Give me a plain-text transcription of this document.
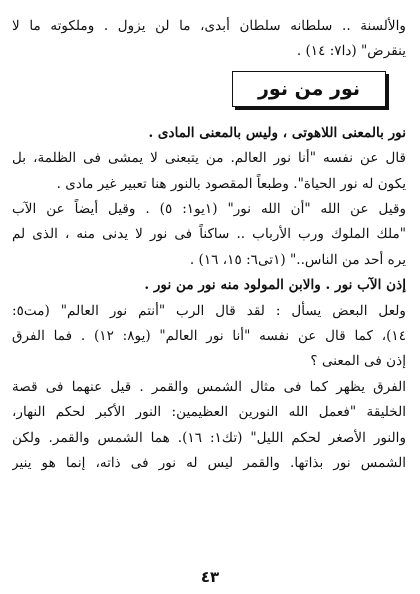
والألسنة .. سلطانه سلطان أبدى، ما لن يزول . وملكوته ما لا

ينقرض" (دا٧: ١٤) .

نور من نور

نور بالمعنى اللاهوتى ، وليس بالمعنى المادى .

قال عن نفسه "أنا نور العالم. من يتبعنى لا يمشى فى الظلمة، بل

يكون له نور الحياة". وطبعاً المقصود بالنور هنا تعبير غير مادى .

وقيل عن الله "أن الله نور" (١يو١: ٥) . وقيل أيضاً عن الآب

"ملك الملوك ورب الأرباب .. ساكناً فى نور لا يدنى منه ، الذى لم

يره أحد من الناس.." (١تى٦: ١٥، ١٦) .

إذن الآب نور . والابن المولود منه نور من نور .

ولعل البعض يسأل : لقد قال الرب "أنتم نور العالم" (مت٥:

١٤)، كما قال عن نفسه "أنا نور العالم" (يو٨: ١٢) . فما الفرق

إذن فى المعنى ؟

الفرق يظهر كما فى مثال الشمس والقمر . قيل عنهما فى قصة

الخليقة "فعمل الله النورين العظيمين: النور الأكبر لحكم النهار،

والنور الأصغر لحكم الليل" (تك١: ١٦). هما الشمس والقمر. ولكن

الشمس نور بذاتها. والقمر ليس له نور فى ذاته، إنما هو ينير

٤٣
